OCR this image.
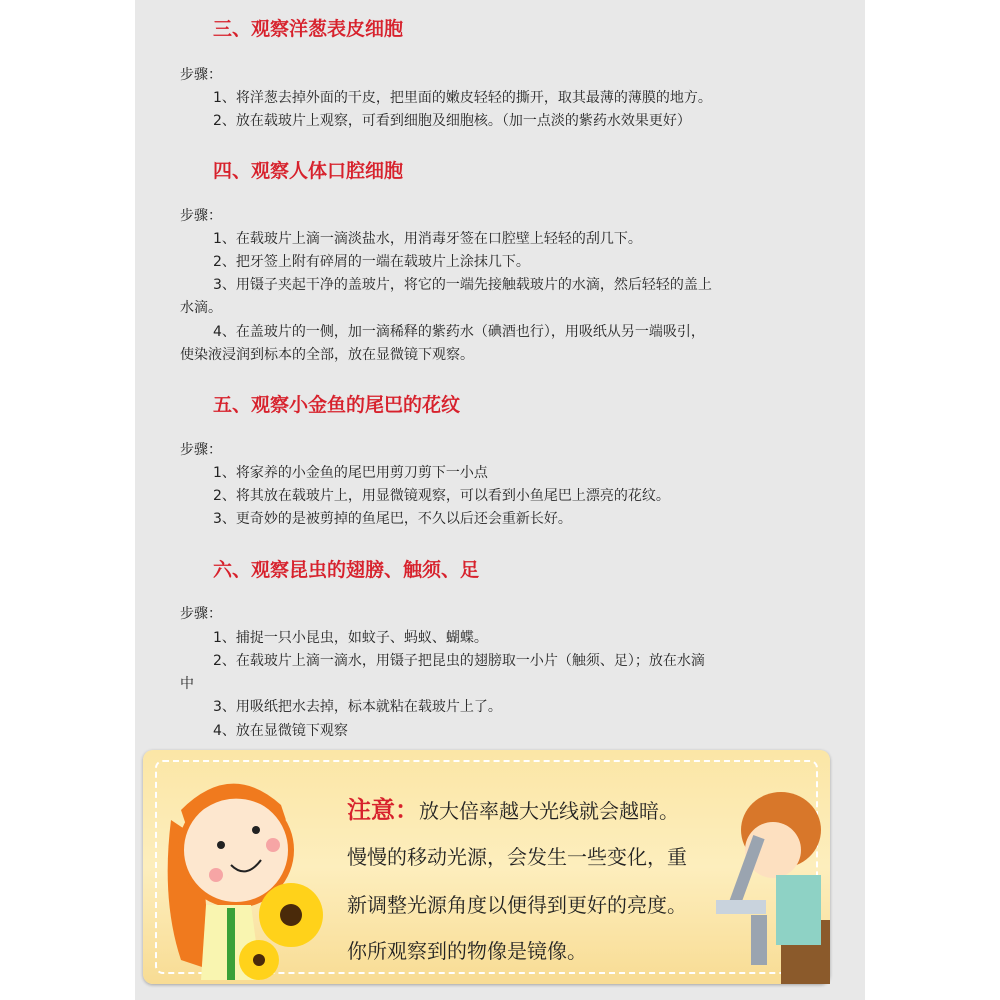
三、观察洋葱表皮细胞
步骤：
1、将洋葱去掉外面的干皮，把里面的嫩皮轻轻的撕开，取其最薄的薄膜的地方。
2、放在载玻片上观察，可看到细胞及细胞核。（加一点淡的紫药水效果更好）
四、观察人体口腔细胞
步骤：
1、在载玻片上滴一滴淡盐水，用消毒牙签在口腔壁上轻轻的刮几下。
2、把牙签上附有碎屑的一端在载玻片上涂抹几下。
3、用镊子夹起干净的盖玻片，将它的一端先接触载玻片的水滴，然后轻轻的盖上
水滴。
4、在盖玻片的一侧，加一滴稀释的紫药水（碘酒也行），用吸纸从另一端吸引，
使染液浸润到标本的全部，放在显微镜下观察。
五、观察小金鱼的尾巴的花纹
步骤：
1、将家养的小金鱼的尾巴用剪刀剪下一小点
2、将其放在载玻片上，用显微镜观察，可以看到小鱼尾巴上漂亮的花纹。
3、更奇妙的是被剪掉的鱼尾巴，不久以后还会重新长好。
六、观察昆虫的翅膀、触须、足
步骤：
1、捕捉一只小昆虫，如蚊子、蚂蚁、蝴蝶。
2、在载玻片上滴一滴水，用镊子把昆虫的翅膀取一小片（触须、足）；放在水滴
中
3、用吸纸把水去掉，标本就粘在载玻片上了。
4、放在显微镜下观察
注意：放大倍率越大光线就会越暗。
慢慢的移动光源，会发生一些变化，重
新调整光源角度以便得到更好的亮度。
你所观察到的物像是镜像。
